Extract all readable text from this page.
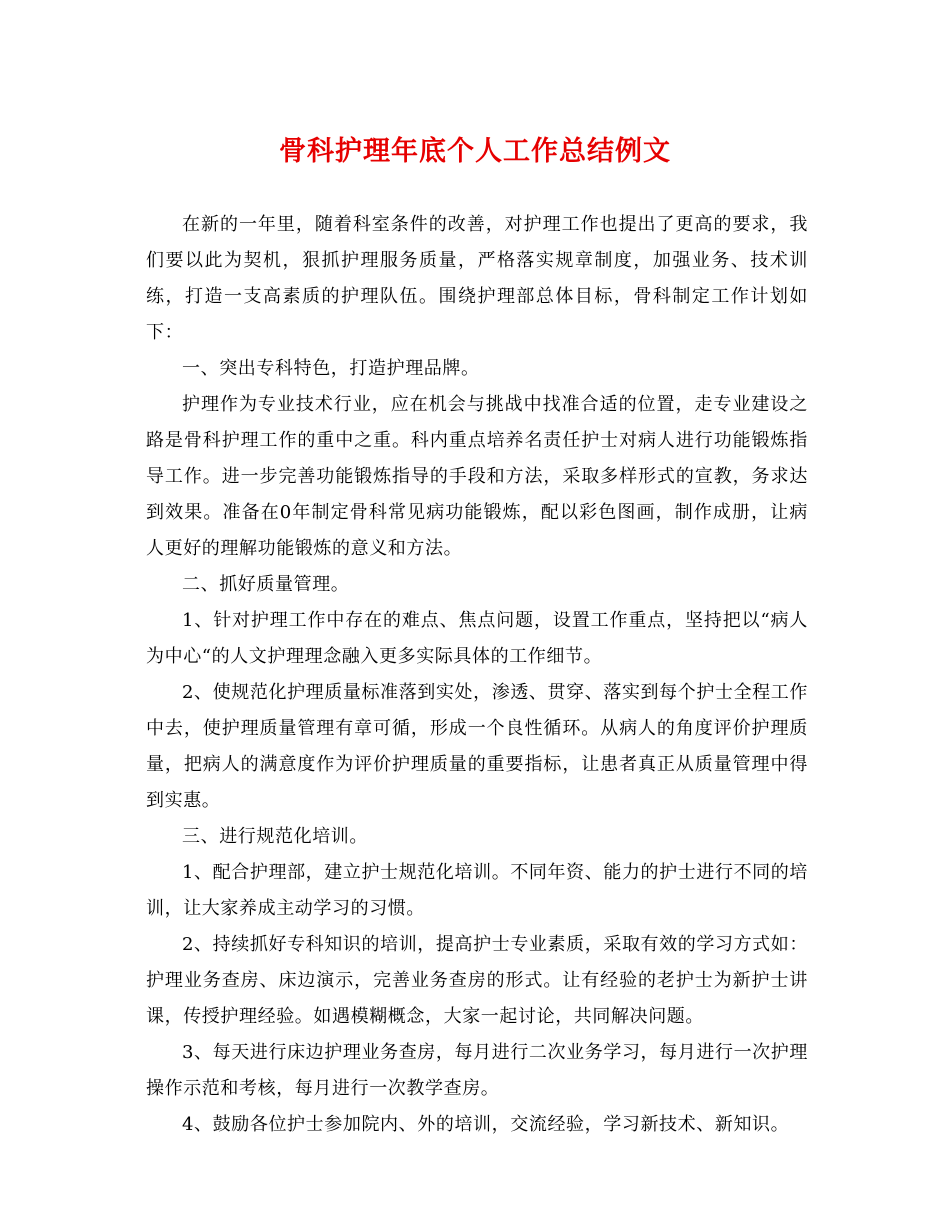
骨科护理年底个人工作总结例文

在新的一年里，随着科室条件的改善，对护理工作也提出了更高的要求，我们要以此为契机，狠抓护理服务质量，严格落实规章制度，加强业务、技术训练，打造一支高素质的护理队伍。围绕护理部总体目标，骨科制定工作计划如下：

一、突出专科特色，打造护理品牌。

护理作为专业技术行业，应在机会与挑战中找准合适的位置，走专业建设之路是骨科护理工作的重中之重。科内重点培养名责任护士对病人进行功能锻炼指导工作。进一步完善功能锻炼指导的手段和方法，采取多样形式的宣教，务求达到效果。准备在0年制定骨科常见病功能锻炼，配以彩色图画，制作成册，让病人更好的理解功能锻炼的意义和方法。

二、抓好质量管理。

1、针对护理工作中存在的难点、焦点问题，设置工作重点，坚持把以“病人为中心“的人文护理理念融入更多实际具体的工作细节。

2、使规范化护理质量标准落到实处，渗透、贯穿、落实到每个护士全程工作中去，使护理质量管理有章可循，形成一个良性循环。从病人的角度评价护理质量，把病人的满意度作为评价护理质量的重要指标，让患者真正从质量管理中得到实惠。

三、进行规范化培训。

1、配合护理部，建立护士规范化培训。不同年资、能力的护士进行不同的培训，让大家养成主动学习的习惯。

2、持续抓好专科知识的培训，提高护士专业素质，采取有效的学习方式如：护理业务查房、床边演示，完善业务查房的形式。让有经验的老护士为新护士讲课，传授护理经验。如遇模糊概念，大家一起讨论，共同解决问题。

3、每天进行床边护理业务查房，每月进行二次业务学习，每月进行一次护理操作示范和考核，每月进行一次教学查房。

4、鼓励各位护士参加院内、外的培训，交流经验，学习新技术、新知识。
